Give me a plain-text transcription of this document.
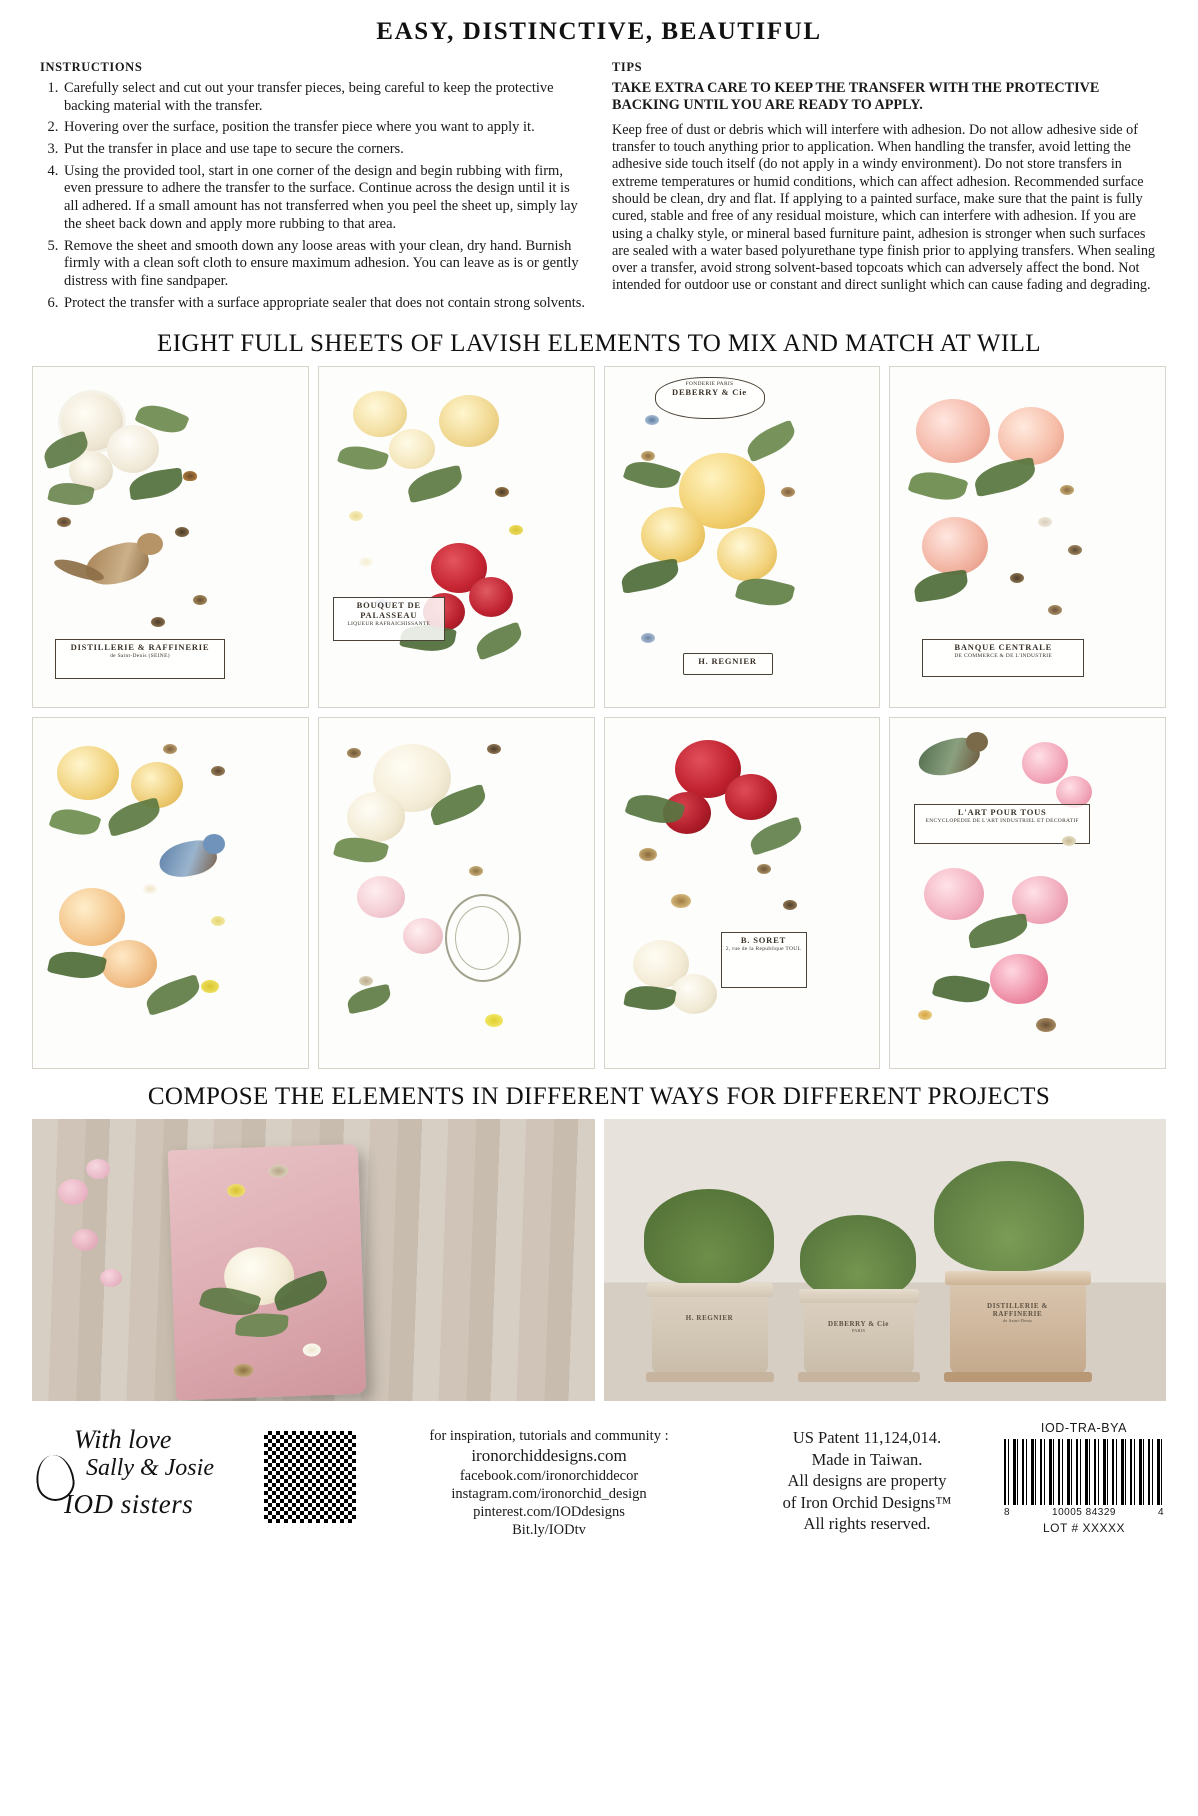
EASY, DISTINCTIVE, BEAUTIFUL
INSTRUCTIONS
1. Carefully select and cut out your transfer pieces, being careful to keep the protective backing material with the transfer.
2. Hovering over the surface, position the transfer piece where you want to apply it.
3. Put the transfer in place and use tape to secure the corners.
4. Using the provided tool, start in one corner of the design and begin rubbing with firm, even pressure to adhere the transfer to the surface. Continue across the design until it is all adhered. If a small amount has not transferred when you peel the sheet up, simply lay the sheet back down and apply more rubbing to that area.
5. Remove the sheet and smooth down any loose areas with your clean, dry hand. Burnish firmly with a clean soft cloth to ensure maximum adhesion. You can leave as is or gently distress with fine sandpaper.
6. Protect the transfer with a surface appropriate sealer that does not contain strong solvents.
TIPS
TAKE EXTRA CARE TO KEEP THE TRANSFER WITH THE PROTECTIVE BACKING UNTIL YOU ARE READY TO APPLY.
Keep free of dust or debris which will interfere with adhesion. Do not allow adhesive side of transfer to touch anything prior to application. When handling the transfer, avoid letting the adhesive side touch itself (do not apply in a windy environment). Do not store transfers in extreme temperatures or humid conditions, which can affect adhesion. Recommended surface should be clean, dry and flat. If applying to a painted surface, make sure that the paint is fully cured, stable and free of any residual moisture, which can interfere with adhesion. If you are using a chalky style, or mineral based furniture paint, adhesion is stronger when such surfaces are sealed with a water based polyurethane type finish prior to applying transfers. When sealing over a transfer, avoid strong solvent-based topcoats which can adversely affect the bond. Not intended for outdoor use or constant and direct sunlight which can cause fading and degrading.
EIGHT FULL SHEETS OF LAVISH ELEMENTS TO MIX AND MATCH AT WILL
DISTILLERIE & RAFFINERIE
de Saint-Denis (SEINE)
BOUQUET DE PALASSEAU
LIQUEUR RAFRAICHISSANTE
FONDERIE PARIS
DEBERRY & Cie
H. REGNIER
BANQUE CENTRALE
DE COMMERCE & DE L'INDUSTRIE
B. SORET
2, rue de la Republique TOUL
L'ART POUR TOUS
ENCYCLOPEDIE DE L'ART INDUSTRIEL ET DECORATIF
COMPOSE THE ELEMENTS IN DIFFERENT WAYS FOR DIFFERENT PROJECTS
H. REGNIER
DEBERRY & Cie
PARIS
DISTILLERIE & RAFFINERIE
de Saint-Denis
With love
Sally & Josie
IOD sisters
for inspiration, tutorials and community :
ironorchiddesigns.com
facebook.com/ironorchiddecor
instagram.com/ironorchid_design
pinterest.com/IODdesigns
Bit.ly/IODtv
US Patent 11,124,014.
Made in Taiwan.
All designs are property
of Iron Orchid Designs™
All rights reserved.
IOD-TRA-BYA
8	10005 84329	4
LOT # XXXXX
